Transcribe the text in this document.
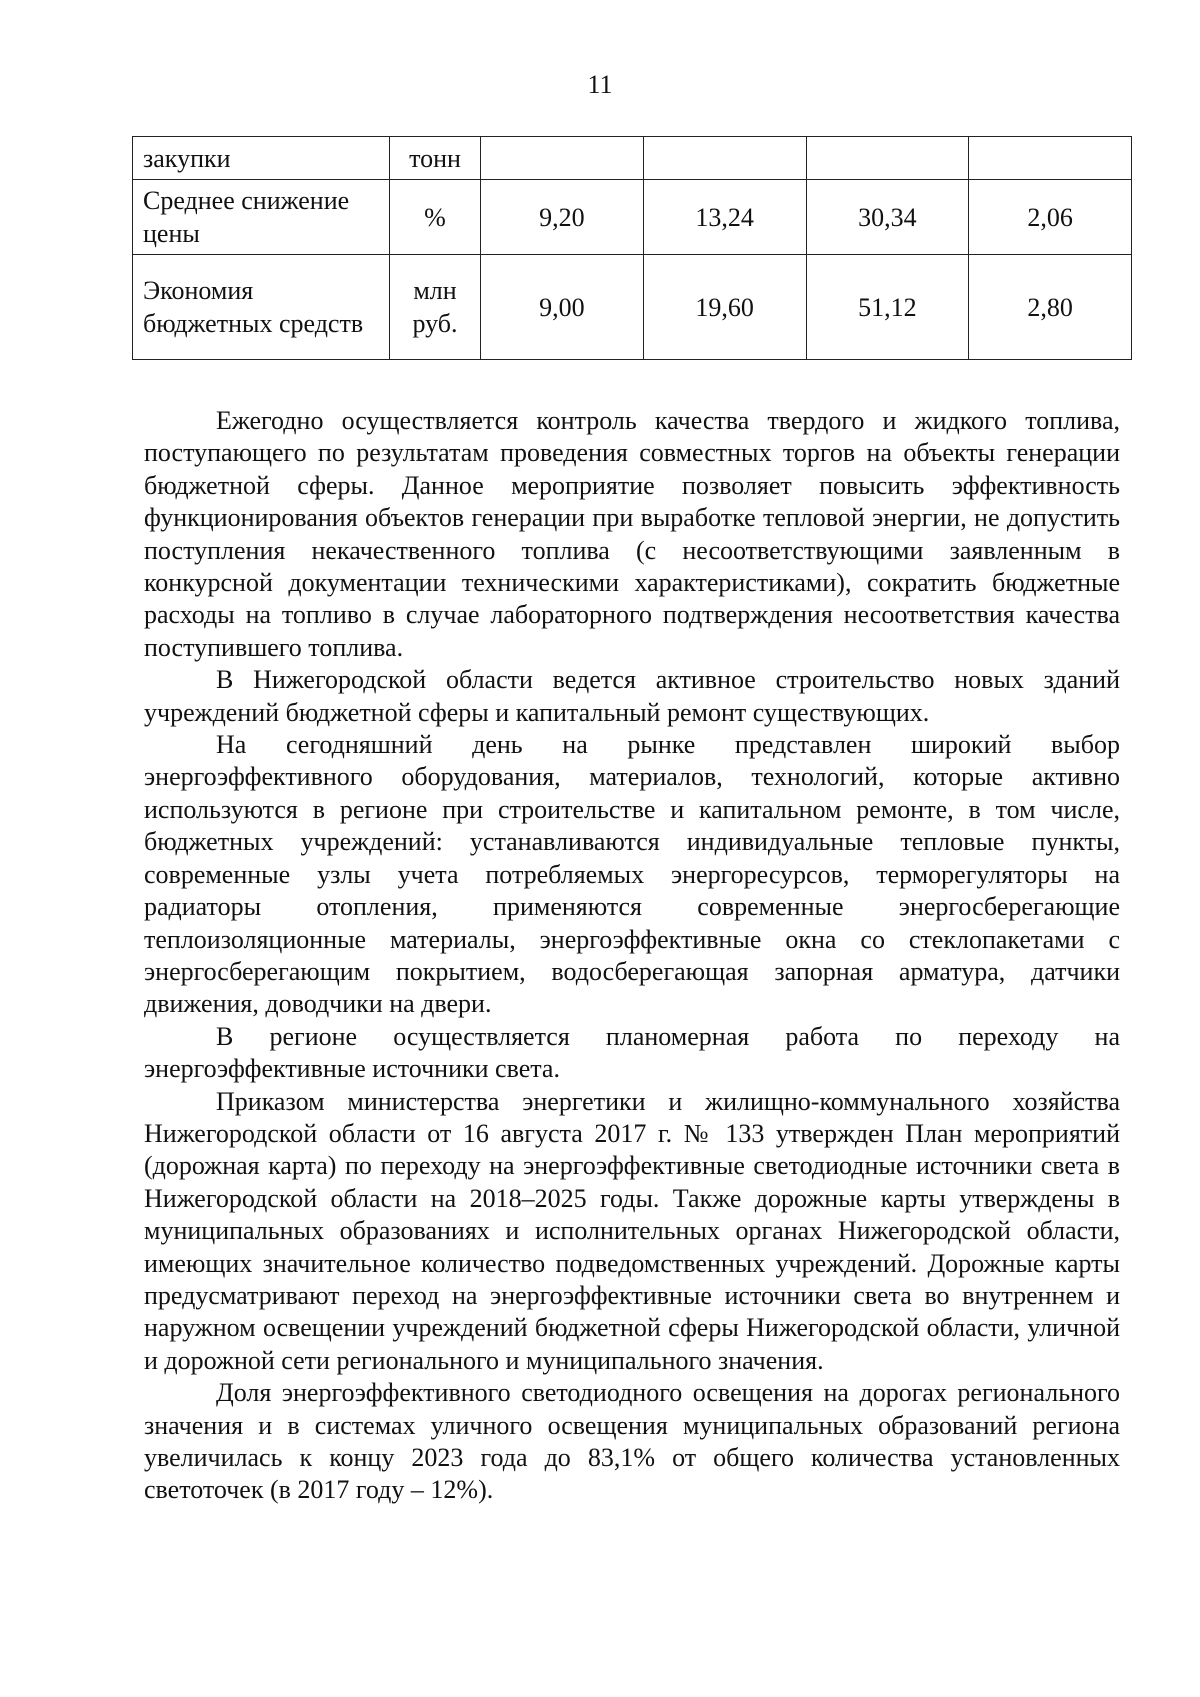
11
закупки	тонн				
Среднее снижение цены	%	9,20	13,24	30,34	2,06
Экономия бюджетных средств	млн руб.	9,00	19,60	51,12	2,80

Ежегодно осуществляется контроль качества твердого и жидкого топлива, поступающего по результатам проведения совместных торгов на объекты генерации бюджетной сферы. Данное мероприятие позволяет повысить эффективность функционирования объектов генерации при выработке тепловой энергии, не допустить поступления некачественного топлива (с несоответствующими заявленным в конкурсной документации техническими характеристиками), сократить бюджетные расходы на топливо в случае лабораторного подтверждения несоответствия качества поступившего топлива.

В Нижегородской области ведется активное строительство новых зданий учреждений бюджетной сферы и капитальный ремонт существующих.

На сегодняшний день на рынке представлен широкий выбор энергоэффективного оборудования, материалов, технологий, которые активно используются в регионе при строительстве и капитальном ремонте, в том числе, бюджетных учреждений: устанавливаются индивидуальные тепловые пункты, современные узлы учета потребляемых энергоресурсов, терморегуляторы на радиаторы отопления, применяются современные энергосберегающие теплоизоляционные материалы, энергоэффективные окна со стеклопакетами с энергосберегающим покрытием, водосберегающая запорная арматура, датчики движения, доводчики на двери.

В регионе осуществляется планомерная работа по переходу на энергоэффективные источники света.

Приказом министерства энергетики и жилищно-коммунального хозяйства Нижегородской области от 16 августа 2017 г. № 133 утвержден План мероприятий (дорожная карта) по переходу на энергоэффективные светодиодные источники света в Нижегородской области на 2018–2025 годы. Также дорожные карты утверждены в муниципальных образованиях и исполнительных органах Нижегородской области, имеющих значительное количество подведомственных учреждений. Дорожные карты предусматривают переход на энергоэффективные источники света во внутреннем и наружном освещении учреждений бюджетной сферы Нижегородской области, уличной и дорожной сети регионального и муниципального значения.

Доля энергоэффективного светодиодного освещения на дорогах регионального значения и в системах уличного освещения муниципальных образований региона увеличилась к концу 2023 года до 83,1% от общего количества установленных светоточек (в 2017 году – 12%).
